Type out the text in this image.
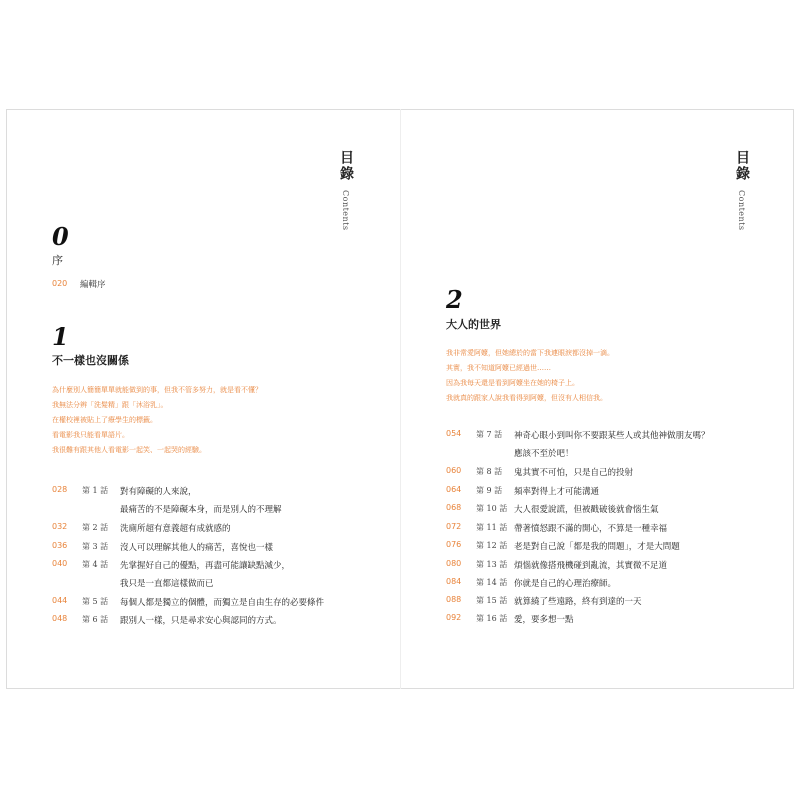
目錄
Contents
0
序
020 編輯序
1
不一樣也沒關係
為什麼別人簡簡單單就能做到的事，但我不管多努力，就是看不懂？
我無法分辨「洗髮精」跟「沐浴乳」。
在權校裡被貼上了療學生的標籤。
看電影我只能看單語片。
我很難有跟其他人看電影一起笑、一起哭的經驗。
028 第 1 話 對有障礙的人來說，
最痛苦的不是障礙本身，而是別人的不理解
032 第 2 話 洗廁所超有意義超有成就感的
036 第 3 話 沒人可以理解其他人的痛苦，喜悅也一樣
040 第 4 話 先掌握好自己的優點，再盡可能讓缺點減少，
我只是一直都這樣做而已
044 第 5 話 每個人都是獨立的個體，而獨立是自由生存的必要條件
048 第 6 話 跟別人一樣，只是尋求安心與認同的方式。
目錄
Contents
2
大人的世界
我非常愛阿嬤，但她總於的當下我連眼淚都沒掉一滴。
其實，我不知道阿嬤已經過世……
因為我每天還是看到阿嬤坐在她的椅子上。
我就真的跟家人說我看得到阿嬤，但沒有人相信我。
054 第 7 話 神奇心眼小到叫你不要跟某些人或其他神做朋友嗎？
應該不至於吧！
060 第 8 話 鬼其實不可怕，只是自己的投射
064 第 9 話 頻率對得上才可能溝通
068 第 10 話 大人很愛說謊，但被戳破後就會惱生氣
072 第 11 話 帶著憤怒跟不滿的開心，不算是一種幸福
076 第 12 話 老是對自己說「都是我的問題」，才是大問題
080 第 13 話 煩惱就像搭飛機碰到亂流，其實微不足道
084 第 14 話 你就是自己的心理治療師。
088 第 15 話 就算繞了些遠路，終有到達的一天
092 第 16 話 愛，要多想一點
